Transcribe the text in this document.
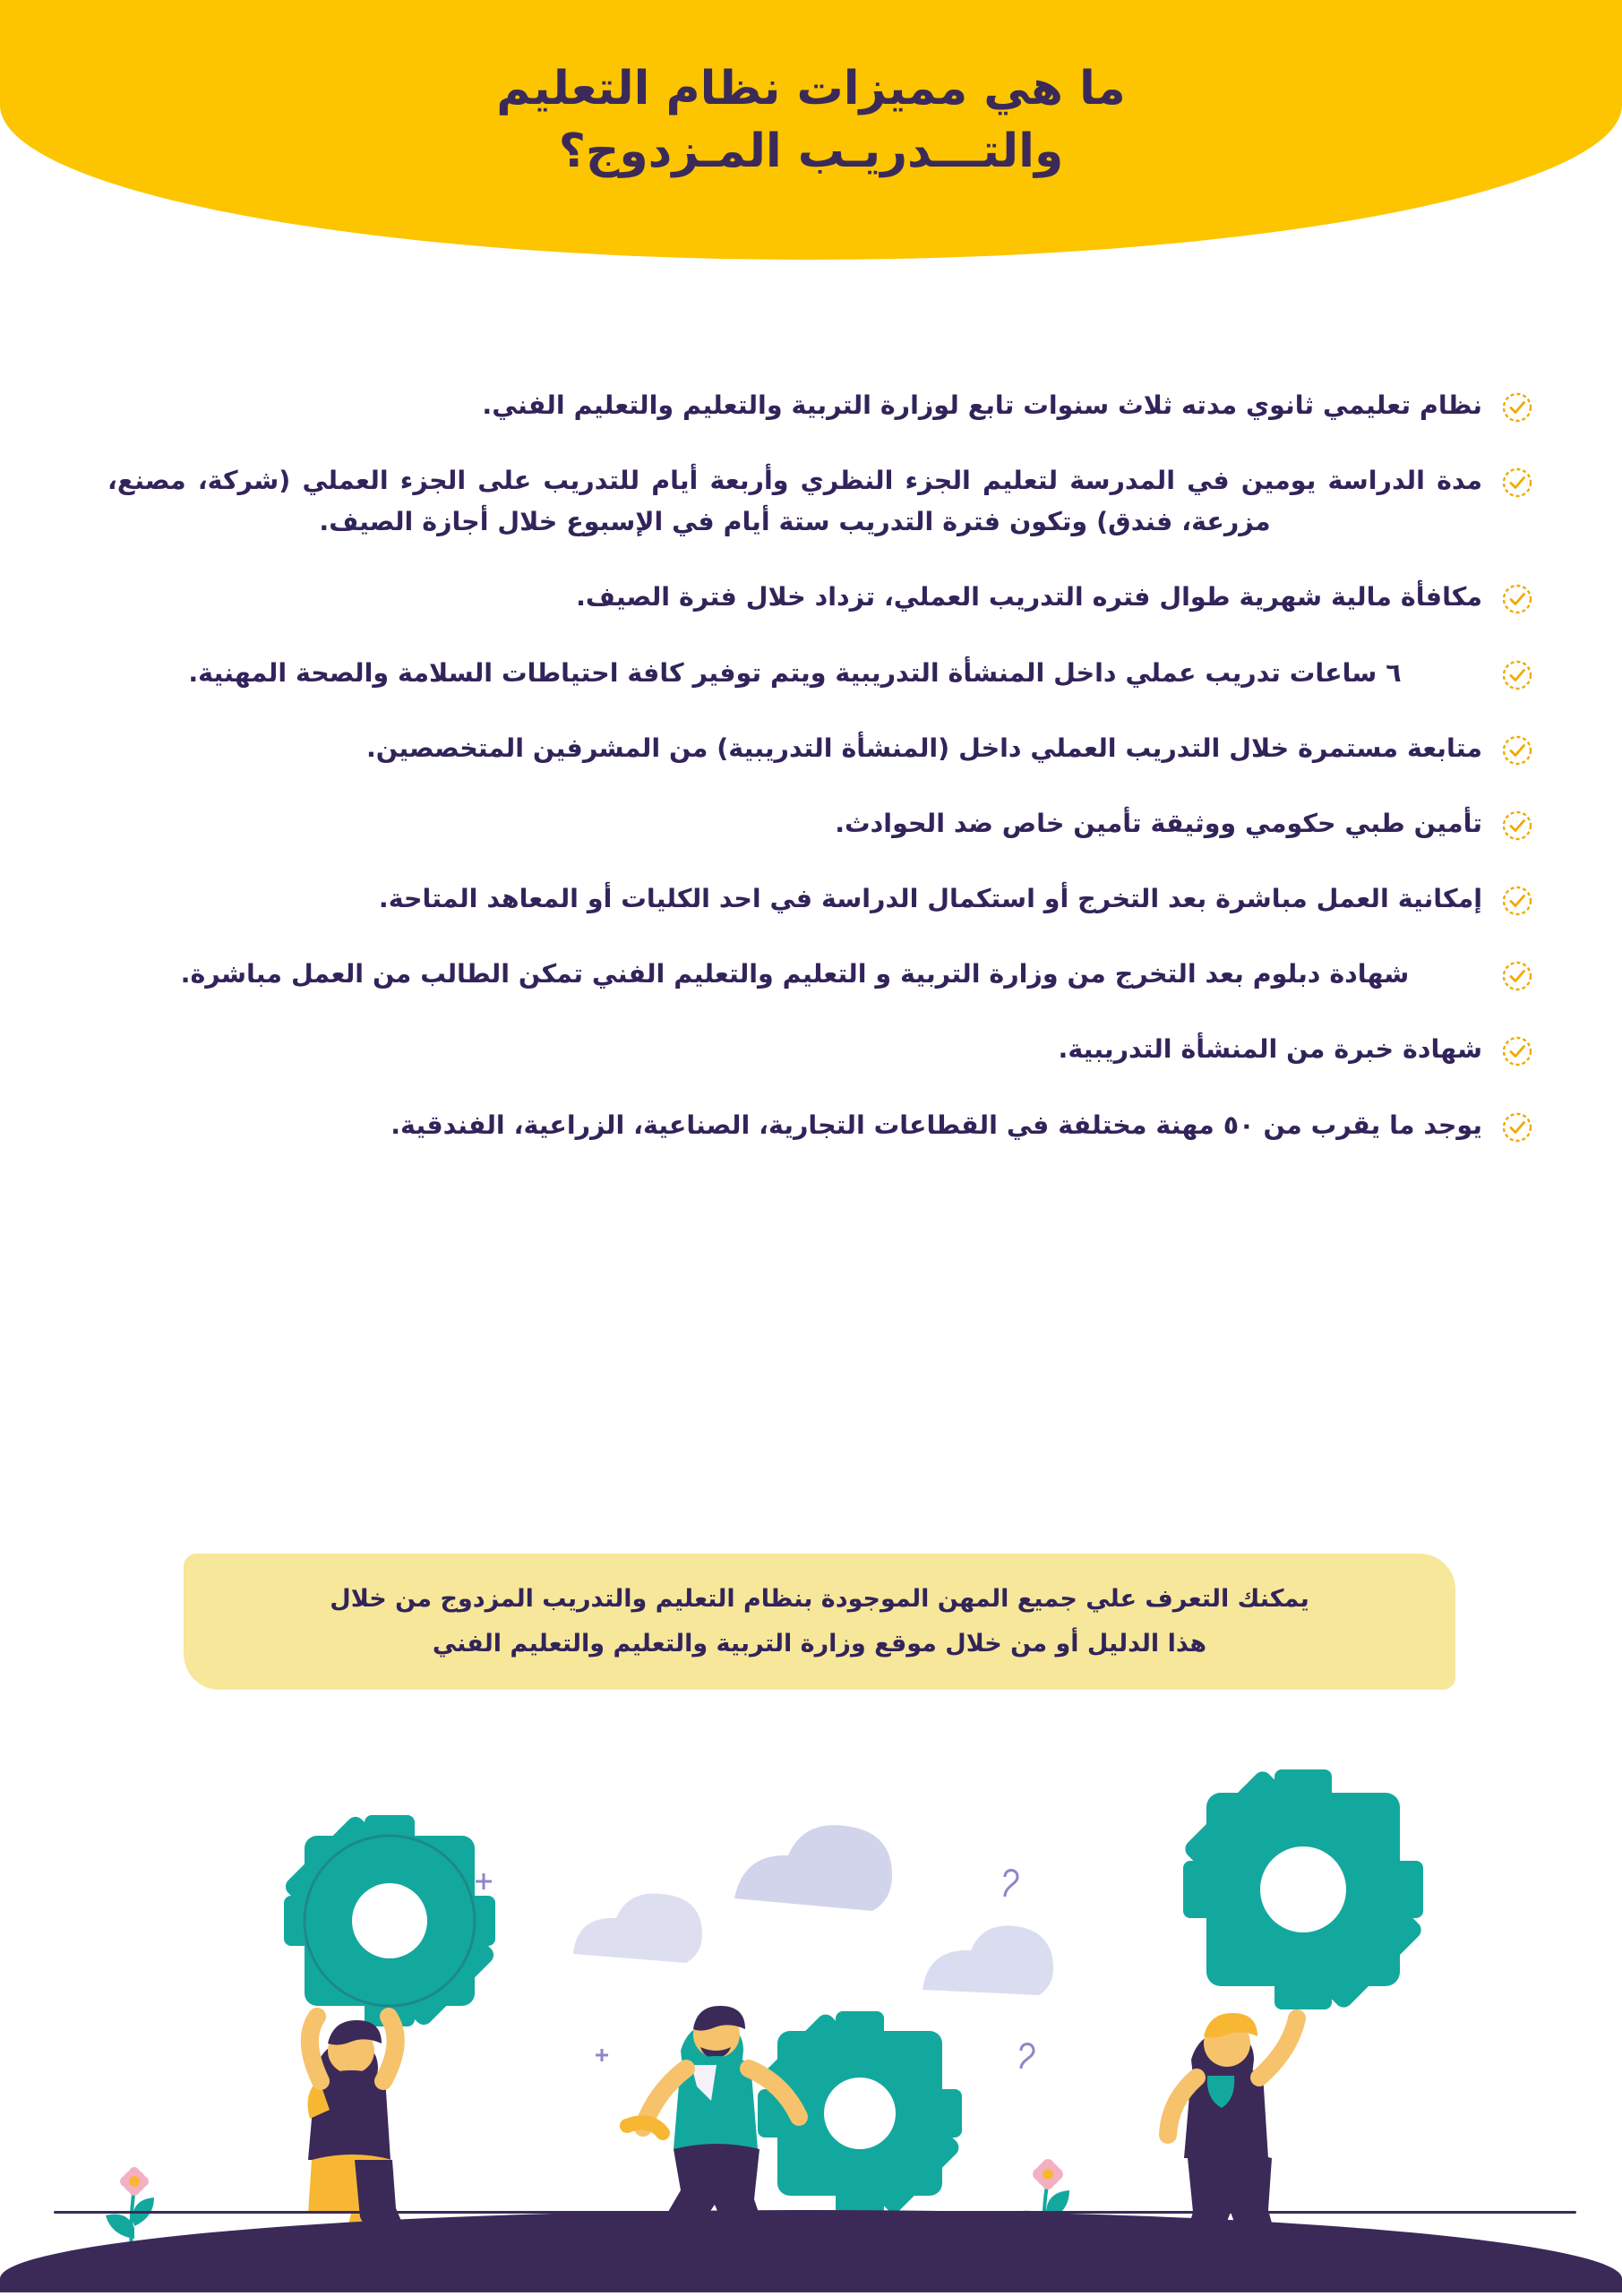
ما هي مميزات نظام التعليم
والتـــدريـب المـزدوج؟
نظام تعليمي ثانوي مدته ثلاث سنوات تابع لوزارة التربية والتعليم والتعليم الفني.
مدة الدراسة يومين في المدرسة لتعليم الجزء النظري وأربعة أيام للتدريب على الجزء العملي (شركة، مصنع، مزرعة، فندق) وتكون فترة التدريب ستة أيام في الإسبوع خلال أجازة الصيف.
مكافأة مالية شهرية طوال فتره التدريب العملي، تزداد خلال فترة الصيف.
٦ ساعات تدريب عملي داخل المنشأة التدريبية ويتم توفير كافة احتياطات السلامة والصحة المهنية.
متابعة مستمرة خلال التدريب العملي داخل (المنشأة التدريبية) من المشرفين المتخصصين.
تأمين طبي حكومي ووثيقة تأمين خاص ضد الحوادث.
إمكانية العمل مباشرة بعد التخرج أو استكمال الدراسة في احد الكليات أو المعاهد المتاحة.
شهادة دبلوم بعد التخرج من وزارة التربية و التعليم والتعليم الفني تمكن الطالب من العمل مباشرة.
شهادة خبرة من المنشأة التدريبية.
يوجد ما يقرب من ٥٠ مهنة مختلفة في القطاعات التجارية، الصناعية، الزراعية، الفندقية.
يمكنك التعرف علي جميع المهن الموجودة بنظام التعليم والتدريب المزدوج من خلال
هذا الدليل أو من خلال موقع وزارة التربية والتعليم والتعليم الفني
